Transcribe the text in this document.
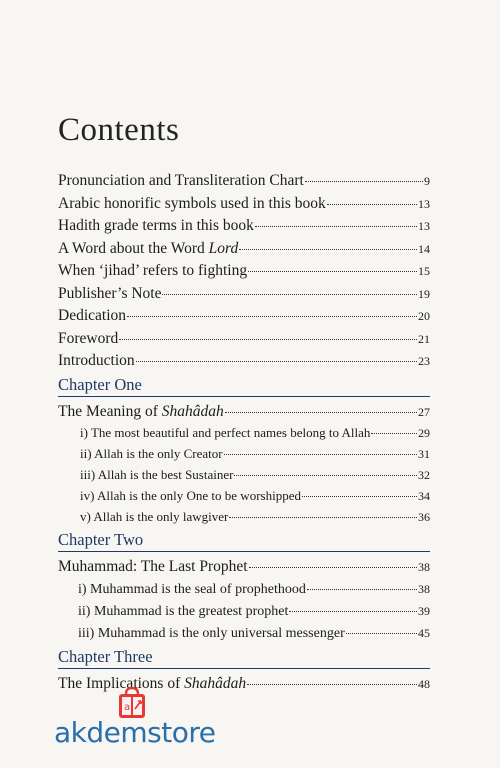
Contents
Pronunciation and Transliteration Chart	9
Arabic honorific symbols used in this book	13
Hadith grade terms in this book	13
A Word about the Word Lord	14
When ‘jihad’ refers to fighting	15
Publisher’s Note	19
Dedication	20
Foreword	21
Introduction	23
Chapter One
The Meaning of Shahâdah	27
i) The most beautiful and perfect names belong to Allah	29
ii) Allah is the only Creator	31
iii) Allah is the best Sustainer	32
iv) Allah is the only One to be worshipped	34
v) Allah is the only lawgiver	36
Chapter Two
Muhammad: The Last Prophet	38
i) Muhammad is the seal of prophethood	38
ii) Muhammad is the greatest prophet	39
iii) Muhammad is the only universal messenger	45
Chapter Three
The Implications of Shahâdah	48
a
akdemstore
